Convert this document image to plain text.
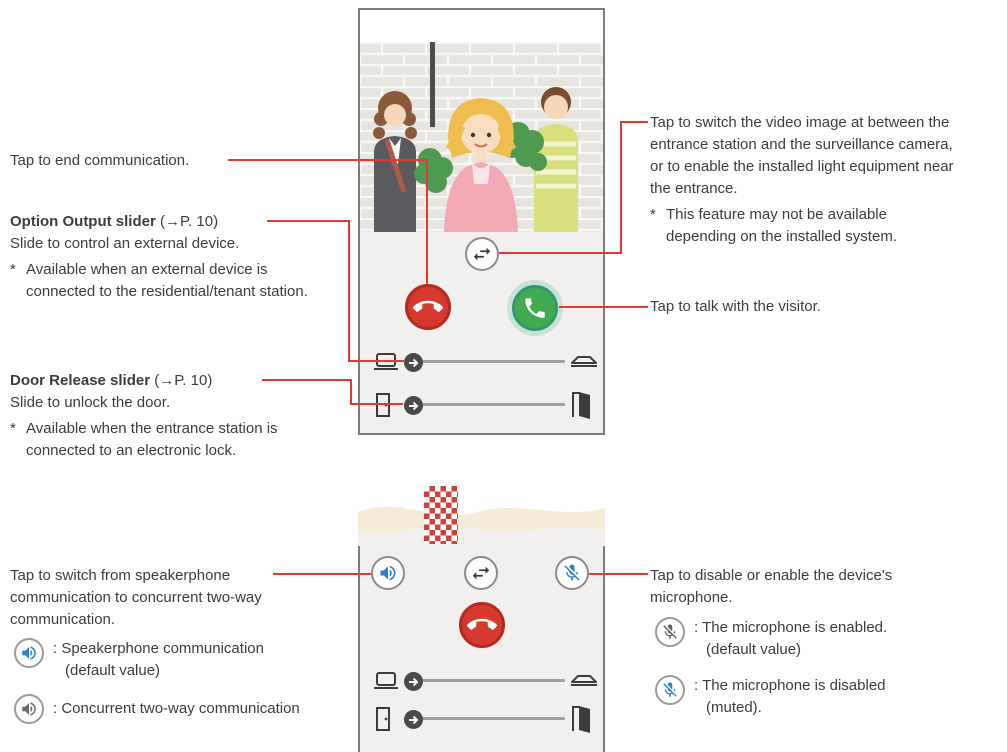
Tap to end communication.
Option Output slider (→P. 10)
Slide to control an external device.
* Available when an external device is connected to the residential/tenant station.
Door Release slider (→P. 10)
Slide to unlock the door.
* Available when the entrance station is connected to an electronic lock.
Tap to switch the video image at between the entrance station and the surveillance camera, or to enable the installed light equipment near the entrance.
* This feature may not be available depending on the installed system.
Tap to talk with the visitor.
Tap to switch from speakerphone communication to concurrent two-way communication.
: Speakerphone communication
(default value)
: Concurrent two-way communication
Tap to disable or enable the device's microphone.
: The microphone is enabled.
(default value)
: The microphone is disabled
(muted).
